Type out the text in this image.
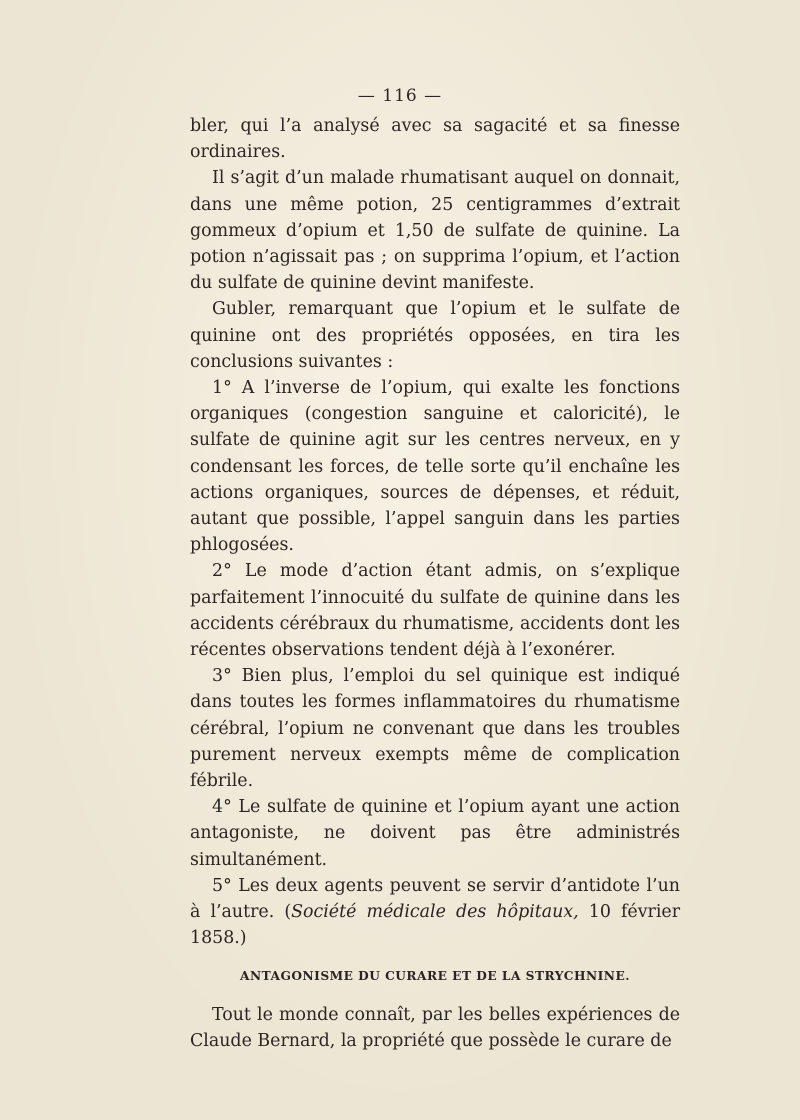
— 116 —

bler, qui l’a analysé avec sa sagacité et sa finesse ordinaires.

Il s’agit d’un malade rhumatisant auquel on donnait, dans une même potion, 25 centigrammes d’extrait gommeux d’opium et 1,50 de sulfate de quinine. La potion n’agissait pas ; on supprima l’opium, et l’action du sulfate de quinine devint manifeste.

Gubler, remarquant que l’opium et le sulfate de quinine ont des propriétés opposées, en tira les conclusions suivantes :

1° A l’inverse de l’opium, qui exalte les fonctions organiques (congestion sanguine et caloricité), le sulfate de quinine agit sur les centres nerveux, en y condensant les forces, de telle sorte qu’il enchaîne les actions organiques, sources de dépenses, et réduit, autant que possible, l’appel sanguin dans les parties phlogosées.

2° Le mode d’action étant admis, on s’explique parfaitement l’innocuité du sulfate de quinine dans les accidents cérébraux du rhumatisme, accidents dont les récentes observations tendent déjà à l’exonérer.

3° Bien plus, l’emploi du sel quinique est indiqué dans toutes les formes inflammatoires du rhumatisme cérébral, l’opium ne convenant que dans les troubles purement nerveux exempts même de complication fébrile.

4° Le sulfate de quinine et l’opium ayant une action antagoniste, ne doivent pas être administrés simultanément.

5° Les deux agents peuvent se servir d’antidote l’un à l’autre. (Société médicale des hôpitaux, 10 février 1858.)

ANTAGONISME DU CURARE ET DE LA STRYCHNINE.

Tout le monde connaît, par les belles expériences de Claude Bernard, la propriété que possède le curare de
